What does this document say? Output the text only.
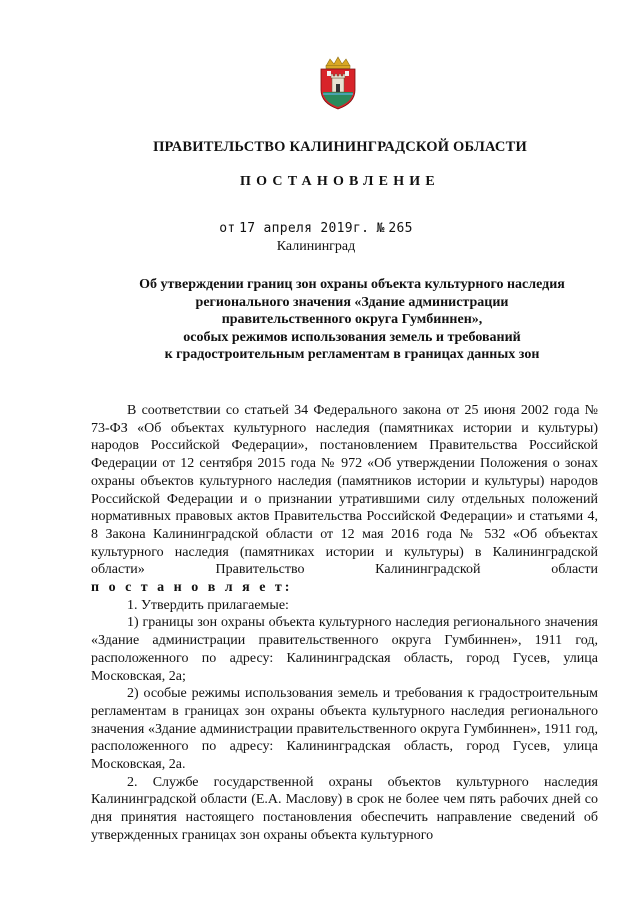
ПРАВИТЕЛЬСТВО КАЛИНИНГРАДСКОЙ ОБЛАСТИ
ПОСТАНОВЛЕНИЕ
от 17 апреля 2019г. № 265
Калининград
Об утверждении границ зон охраны объекта культурного наследия
регионального значения «Здание администрации
правительственного округа Гумбиннен»,
особых режимов использования земель и требований
к градостроительным регламентам в границах данных зон

В соответствии со статьей 34 Федерального закона от 25 июня 2002 года № 73-ФЗ «Об объектах культурного наследия (памятниках истории и культуры) народов Российской Федерации», постановлением Правительства Российской Федерации от 12 сентября 2015 года № 972 «Об утверждении Положения о зонах охраны объектов культурного наследия (памятников истории и культуры) народов Российской Федерации и о признании утратившими силу отдельных положений нормативных правовых актов Правительства Российской Федерации» и статьями 4, 8 Закона Калининградской области от 12 мая 2016 года № 532 «Об объектах культурного наследия (памятниках истории и культуры) в Калининградской области» Правительство Калининградской области п о с т а н о в л я е т:

1. Утвердить прилагаемые:

1) границы зон охраны объекта культурного наследия регионального значения «Здание администрации правительственного округа Гумбиннен», 1911 год, расположенного по адресу: Калининградская область, город Гусев, улица Московская, 2а;

2) особые режимы использования земель и требования к градостроительным регламентам в границах зон охраны объекта культурного наследия регионального значения «Здание администрации правительственного округа Гумбиннен», 1911 год, расположенного по адресу: Калининградская область, город Гусев, улица Московская, 2а.

2. Службе государственной охраны объектов культурного наследия Калининградской области (Е.А. Маслову) в срок не более чем пять рабочих дней со дня принятия настоящего постановления обеспечить направление сведений об утвержденных границах зон охраны объекта культурного
